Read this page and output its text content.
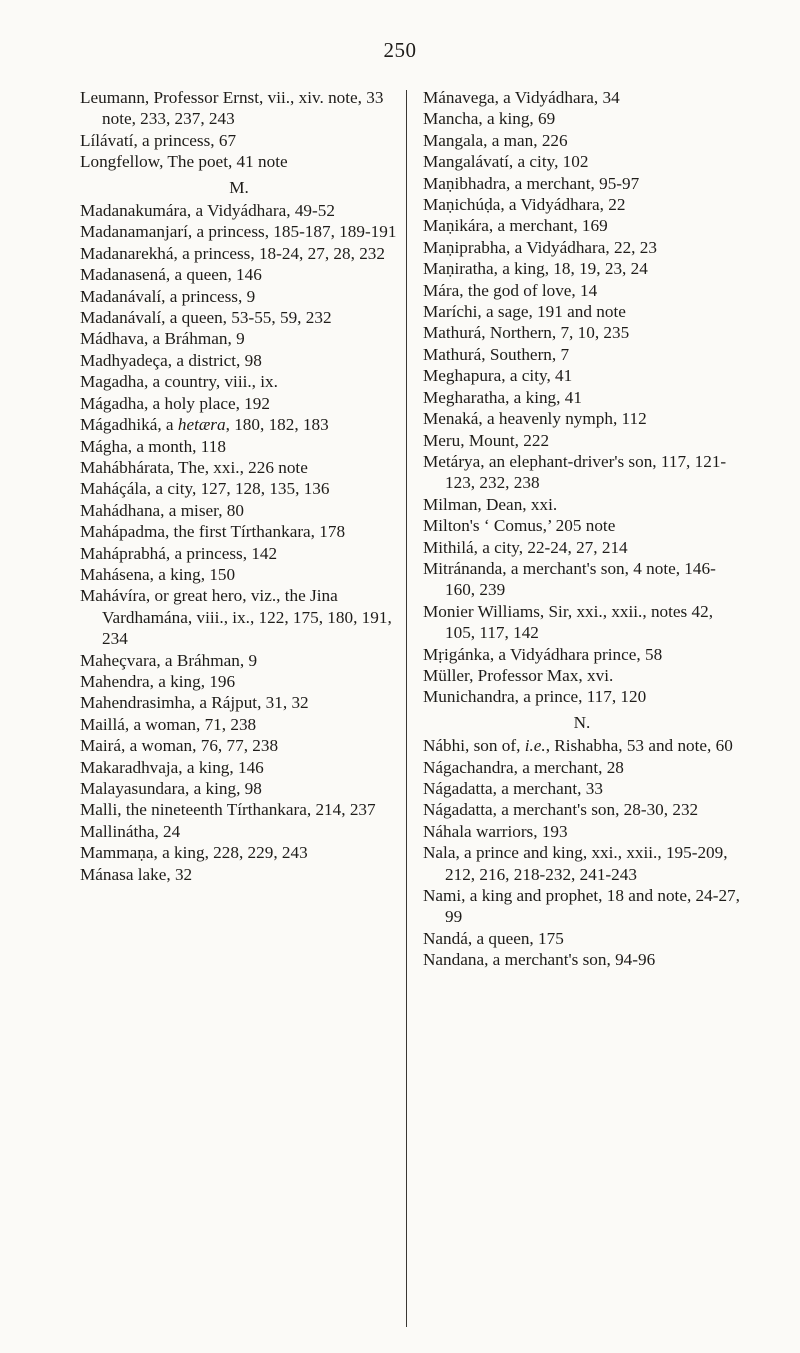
250
Leumann, Professor Ernst, vii., xiv. note, 33 note, 233, 237, 243
Lílávatí, a princess, 67
Longfellow, The poet, 41 note
M.
Madanakumára, a Vidyádhara, 49-52
Madanamanjarí, a princess, 185-187, 189-191
Madanarekhá, a princess, 18-24, 27, 28, 232
Madanasená, a queen, 146
Madanávalí, a princess, 9
Madanávalí, a queen, 53-55, 59, 232
Mádhava, a Bráhman, 9
Madhyadeça, a district, 98
Magadha, a country, viii., ix.
Mágadha, a holy place, 192
Mágadhiká, a hetæra, 180, 182, 183
Mágha, a month, 118
Mahábhárata, The, xxi., 226 note
Maháçála, a city, 127, 128, 135, 136
Mahádhana, a miser, 80
Mahápadma, the first Tírthankara, 178
Maháprabhá, a princess, 142
Mahásena, a king, 150
Mahávíra, or great hero, viz., the Jina Vardhamána, viii., ix., 122, 175, 180, 191, 234
Maheçvara, a Bráhman, 9
Mahendra, a king, 196
Mahendrasimha, a Rájput, 31, 32
Maillá, a woman, 71, 238
Mairá, a woman, 76, 77, 238
Makaradhvaja, a king, 146
Malayasundara, a king, 98
Malli, the nineteenth Tírthankara, 214, 237
Mallinátha, 24
Mammaṇa, a king, 228, 229, 243
Mánasa lake, 32
Mánavega, a Vidyádhara, 34
Mancha, a king, 69
Mangala, a man, 226
Mangalávatí, a city, 102
Maṇibhadra, a merchant, 95-97
Maṇichúḍa, a Vidyádhara, 22
Maṇikára, a merchant, 169
Maṇiprabha, a Vidyádhara, 22, 23
Maṇiratha, a king, 18, 19, 23, 24
Mára, the god of love, 14
Maríchi, a sage, 191 and note
Mathurá, Northern, 7, 10, 235
Mathurá, Southern, 7
Meghapura, a city, 41
Megharatha, a king, 41
Menaká, a heavenly nymph, 112
Meru, Mount, 222
Metárya, an elephant-driver's son, 117, 121-123, 232, 238
Milman, Dean, xxi.
Milton's ‘ Comus,’ 205 note
Mithilá, a city, 22-24, 27, 214
Mitránanda, a merchant's son, 4 note, 146-160, 239
Monier Williams, Sir, xxi., xxii., notes 42, 105, 117, 142
Mṛigánka, a Vidyádhara prince, 58
Müller, Professor Max, xvi.
Munichandra, a prince, 117, 120
N.
Nábhi, son of, i.e., Rishabha, 53 and note, 60
Nágachandra, a merchant, 28
Nágadatta, a merchant, 33
Nágadatta, a merchant's son, 28-30, 232
Náhala warriors, 193
Nala, a prince and king, xxi., xxii., 195-209, 212, 216, 218-232, 241-243
Nami, a king and prophet, 18 and note, 24-27, 99
Nandá, a queen, 175
Nandana, a merchant's son, 94-96
